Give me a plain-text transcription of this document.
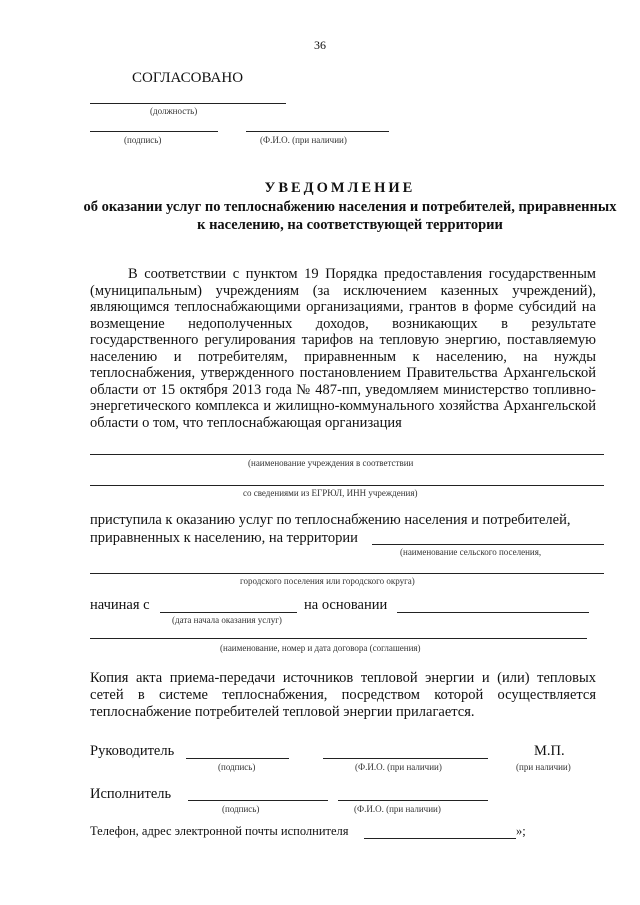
36
СОГЛАСОВАНО
(должность)
(подпись)	(Ф.И.О. (при наличии)
УВЕДОМЛЕНИЕ
об оказании услуг по теплоснабжению населения и потребителей, приравненных к населению, на соответствующей территории
В соответствии с пунктом 19 Порядка предоставления государственным (муниципальным) учреждениям (за исключением казенных учреждений), являющимся теплоснабжающими организациями, грантов в форме субсидий на возмещение недополученных доходов, возникающих в результате государственного регулирования тарифов на тепловую энергию, поставляемую населению и потребителям, приравненным к населению, на нужды теплоснабжения, утвержденного постановлением Правительства Архангельской области от 15 октября 2013 года № 487-пп, уведомляем министерство топливно-энергетического комплекса и жилищно-коммунального хозяйства Архангельской области о том, что теплоснабжающая организация
(наименование учреждения в соответствии
со сведениями из ЕГРЮЛ, ИНН учреждения)
приступила к оказанию услуг по теплоснабжению населения и потребителей,
приравненных к населению, на территории
(наименование сельского поселения,
городского поселения или городского округа)
начиная с	на основании
(дата начала оказания услуг)
(наименование, номер и дата договора (соглашения)
Копия акта приема-передачи источников тепловой энергии и (или) тепловых сетей в системе теплоснабжения, посредством которой осуществляется теплоснабжение потребителей тепловой энергии прилагается.
Руководитель	М.П.
(подпись)	(Ф.И.О. (при наличии)	(при наличии)
Исполнитель
(подпись)	(Ф.И.О. (при наличии)
Телефон, адрес электронной почты исполнителя	»;
